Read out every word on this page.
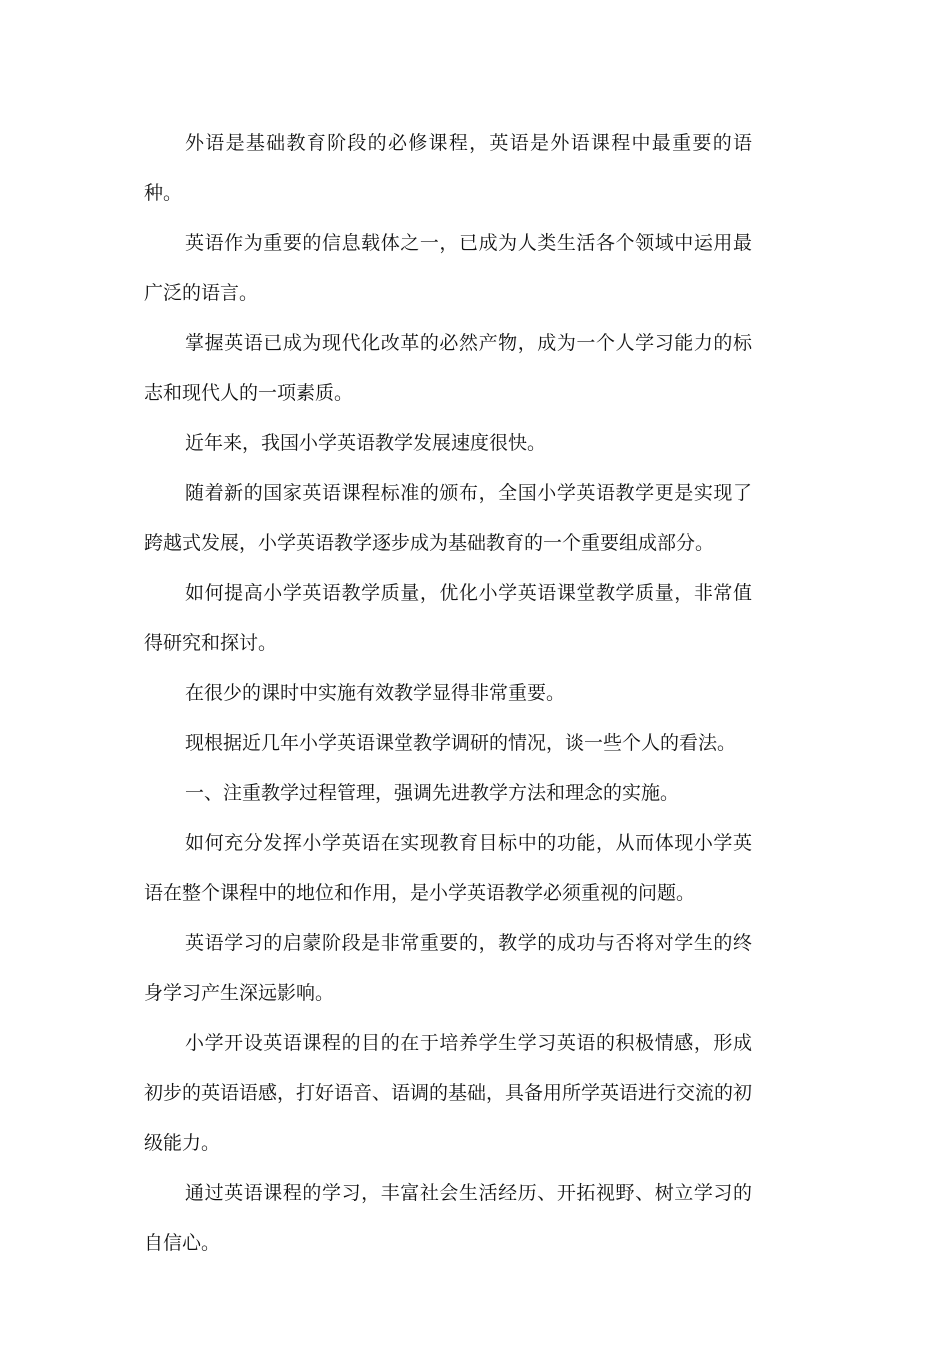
外语是基础教育阶段的必修课程，英语是外语课程中最重要的语种。

英语作为重要的信息载体之一，已成为人类生活各个领域中运用最广泛的语言。

掌握英语已成为现代化改革的必然产物，成为一个人学习能力的标志和现代人的一项素质。

近年来，我国小学英语教学发展速度很快。

随着新的国家英语课程标准的颁布，全国小学英语教学更是实现了跨越式发展，小学英语教学逐步成为基础教育的一个重要组成部分。

如何提高小学英语教学质量，优化小学英语课堂教学质量，非常值得研究和探讨。

在很少的课时中实施有效教学显得非常重要。

现根据近几年小学英语课堂教学调研的情况，谈一些个人的看法。

一、注重教学过程管理，强调先进教学方法和理念的实施。

如何充分发挥小学英语在实现教育目标中的功能，从而体现小学英语在整个课程中的地位和作用，是小学英语教学必须重视的问题。

英语学习的启蒙阶段是非常重要的，教学的成功与否将对学生的终身学习产生深远影响。

小学开设英语课程的目的在于培养学生学习英语的积极情感，形成初步的英语语感，打好语音、语调的基础，具备用所学英语进行交流的初级能力。

通过英语课程的学习，丰富社会生活经历、开拓视野、树立学习的自信心。
